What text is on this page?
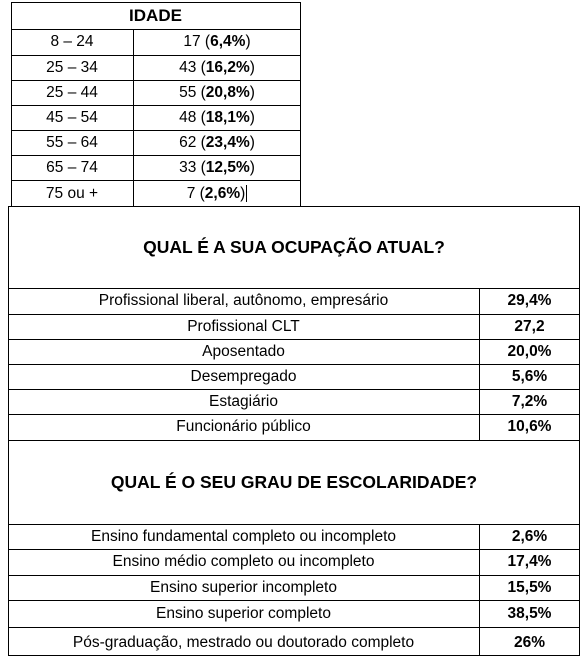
IDADE
8 – 24	17 ( 6,4% )
25 – 34	43 ( 16,2% )
25 – 44	55 ( 20,8% )
45 – 54	48 ( 18,1% )
55 – 64	62 ( 23,4% )
65 – 74	33 ( 12,5% )
75 ou +	7 ( 2,6% )
QUAL É A SUA OCUPAÇÃO ATUAL?
Profissional liberal, autônomo, empresário	29,4%
Profissional CLT	27,2
Aposentado	20,0%
Desempregado	5,6%
Estagiário	7,2%
Funcionário público	10,6%
QUAL É O SEU GRAU DE ESCOLARIDADE?
Ensino fundamental completo ou incompleto	2,6%
Ensino médio completo ou incompleto	17,4%
Ensino superior incompleto	15,5%
Ensino superior completo	38,5%
Pós-graduação, mestrado ou doutorado completo	26%
